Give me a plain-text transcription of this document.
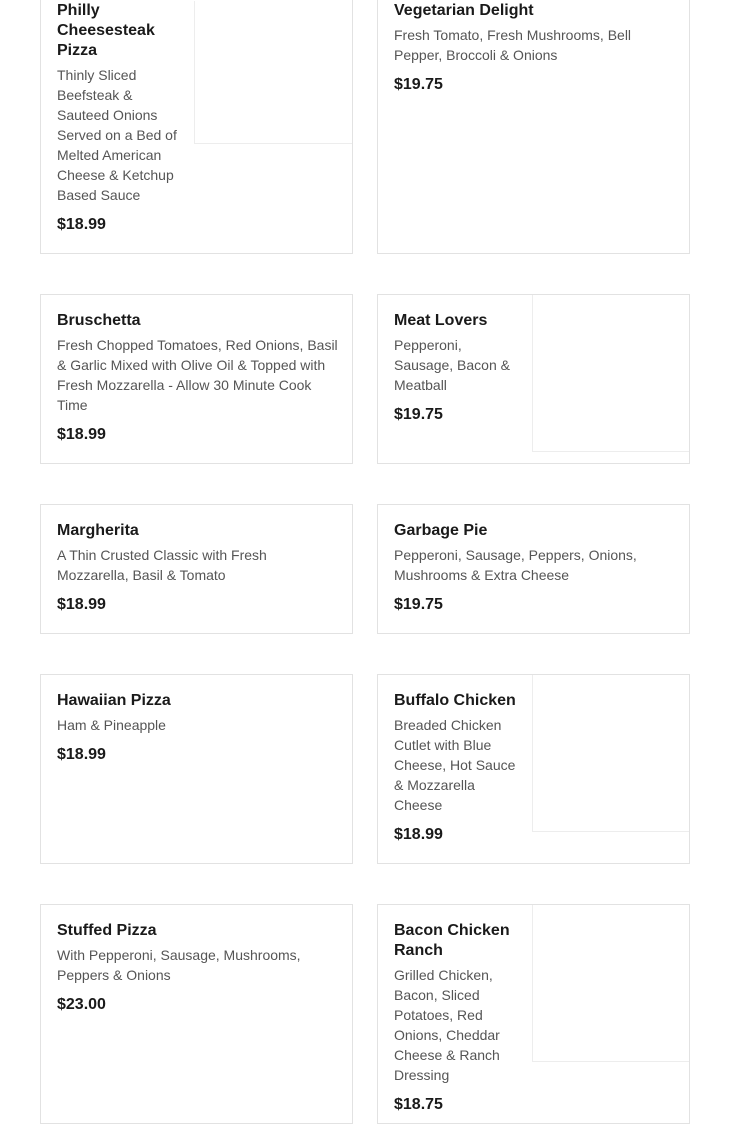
Philly Cheesesteak Pizza
Thinly Sliced Beefsteak & Sauteed Onions Served on a Bed of Melted American Cheese & Ketchup Based Sauce
$18.99
Vegetarian Delight
Fresh Tomato, Fresh Mushrooms, Bell Pepper, Broccoli & Onions
$19.75
Bruschetta
Fresh Chopped Tomatoes, Red Onions, Basil & Garlic Mixed with Olive Oil & Topped with Fresh Mozzarella - Allow 30 Minute Cook Time
$18.99
Meat Lovers
Pepperoni, Sausage, Bacon & Meatball
$19.75
Margherita
A Thin Crusted Classic with Fresh Mozzarella, Basil & Tomato
$18.99
Garbage Pie
Pepperoni, Sausage, Peppers, Onions, Mushrooms & Extra Cheese
$19.75
Hawaiian Pizza
Ham & Pineapple
$18.99
Buffalo Chicken
Breaded Chicken Cutlet with Blue Cheese, Hot Sauce & Mozzarella Cheese
$18.99
Stuffed Pizza
With Pepperoni, Sausage, Mushrooms, Peppers & Onions
$23.00
Bacon Chicken Ranch
Grilled Chicken, Bacon, Sliced Potatoes, Red Onions, Cheddar Cheese & Ranch Dressing
$18.75
